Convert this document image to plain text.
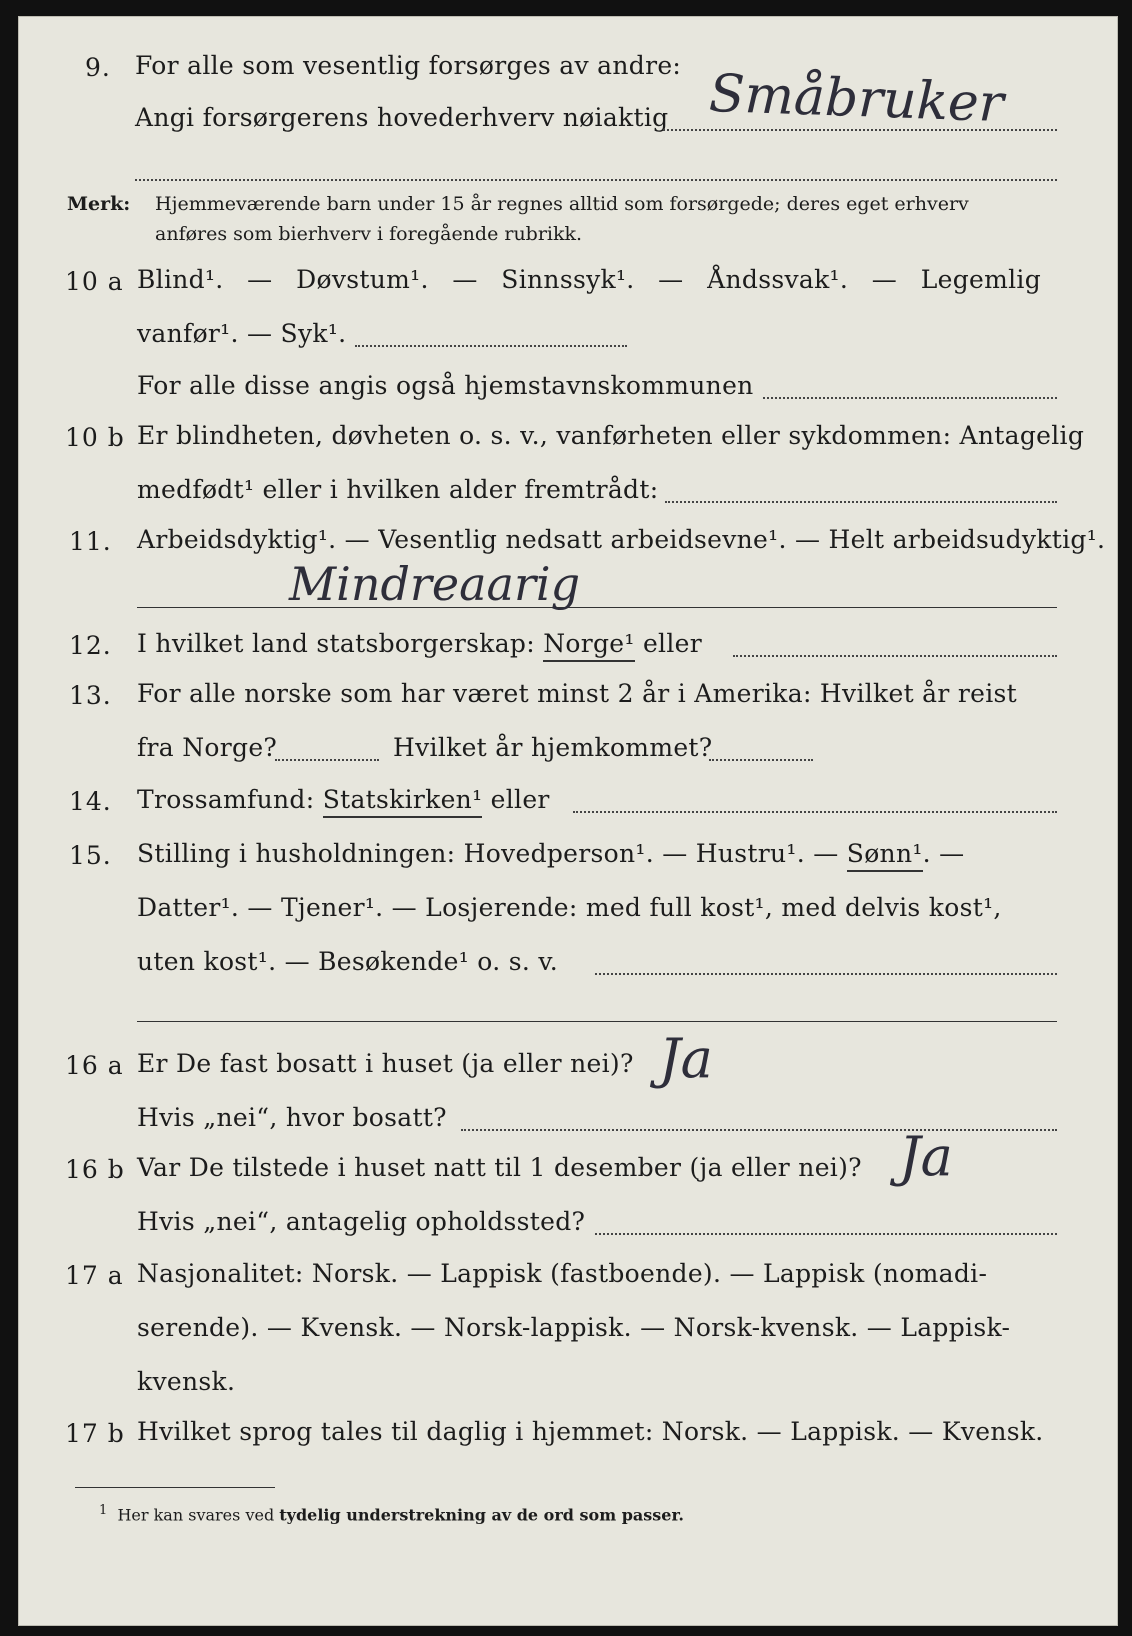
9. For alle som vesentlig forsørges av andre:
Angi forsørgerens hovederhverv nøiaktig Småbruker
Merk: Hjemmeværende barn under 15 år regnes alltid som forsørgede; deres eget erhverv
anføres som bierhverv i foregående rubrikk.
10 a Blind¹. — Døvstum¹. — Sinnssyk¹. — Åndssvak¹. — Legemlig
vanfør¹. — Syk¹.
For alle disse angis også hjemstavnskommunen
10 b Er blindheten, døvheten o. s. v., vanførheten eller sykdommen: Antagelig
medfødt¹ eller i hvilken alder fremtrådt:
11. Arbeidsdyktig¹. — Vesentlig nedsatt arbeidsevne¹. — Helt arbeidsudyktig¹.
Mindreaarig
12. I hvilket land statsborgerskap: Norge¹ eller
13. For alle norske som har været minst 2 år i Amerika: Hvilket år reist
fra Norge?	Hvilket år hjemkommet?
14. Trossamfund: Statskirken¹ eller
15. Stilling i husholdningen: Hovedperson¹. — Hustru¹. — Sønn¹. —
Datter¹. — Tjener¹. — Losjerende: med full kost¹, med delvis kost¹,
uten kost¹. — Besøkende¹ o. s. v.
16 a Er De fast bosatt i huset (ja eller nei)? Ja
Hvis „nei“, hvor bosatt?
16 b Var De tilstede i huset natt til 1 desember (ja eller nei)? Ja
Hvis „nei“, antagelig opholdssted?
17 a Nasjonalitet: Norsk. — Lappisk (fastboende). — Lappisk (nomadi-
serende). — Kvensk. — Norsk-lappisk. — Norsk-kvensk. — Lappisk-
kvensk.
17 b Hvilket sprog tales til daglig i hjemmet: Norsk. — Lappisk. — Kvensk.
$^1$ Her kan svares ved tydelig understrekning av de ord som passer.
